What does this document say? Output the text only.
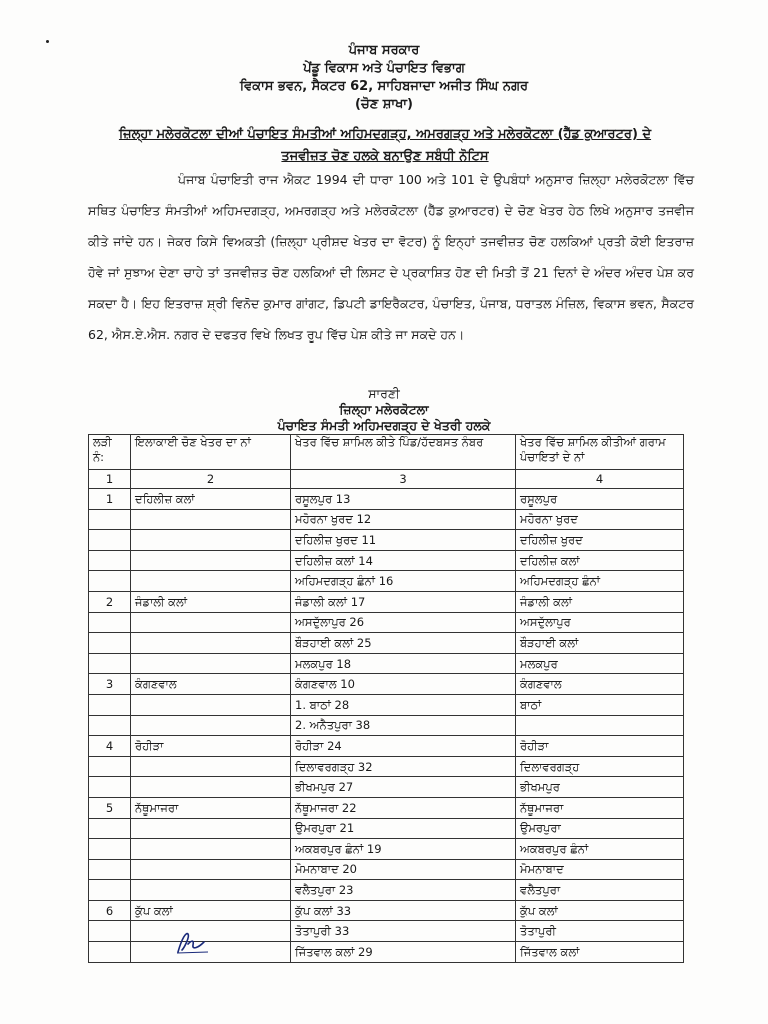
ਪੰਜਾਬ ਸਰਕਾਰ
ਪੇਂਡੂ ਵਿਕਾਸ ਅਤੇ ਪੰਚਾਇਤ ਵਿਭਾਗ
ਵਿਕਾਸ ਭਵਨ, ਸੈਕਟਰ 62, ਸਾਹਿਬਜਾਦਾ ਅਜੀਤ ਸਿੰਘ ਨਗਰ
(ਚੋਣ ਸ਼ਾਖਾ)
ਜ਼ਿਲ੍ਹਾ ਮਲੇਰਕੋਟਲਾ ਦੀਆਂ ਪੰਚਾਇਤ ਸੰਮਤੀਆਂ ਅਹਿਮਦਗੜ੍ਹ, ਅਮਰਗੜ੍ਹ ਅਤੇ ਮਲੇਰਕੋਟਲਾ (ਹੈੱਡ ਕੁਆਰਟਰ) ਦੇ ਤਜਵੀਜ਼ਤ ਚੋਣ ਹਲਕੇ ਬਨਾਉਣ ਸਬੰਧੀ ਨੋਟਿਸ
ਪੰਜਾਬ ਪੰਚਾਇਤੀ ਰਾਜ ਐਕਟ 1994 ਦੀ ਧਾਰਾ 100 ਅਤੇ 101 ਦੇ ਉਪਬੰਧਾਂ ਅਨੁਸਾਰ ਜ਼ਿਲ੍ਹਾ ਮਲੇਰਕੋਟਲਾ ਵਿੱਚ ਸਥਿਤ ਪੰਚਾਇਤ ਸੰਮਤੀਆਂ ਅਹਿਮਦਗੜ੍ਹ, ਅਮਰਗੜ੍ਹ ਅਤੇ ਮਲੇਰਕੋਟਲਾ (ਹੈੱਡ ਕੁਆਰਟਰ) ਦੇ ਚੋਣ ਖੇਤਰ ਹੇਠ ਲਿਖੇ ਅਨੁਸਾਰ ਤਜਵੀਜ ਕੀਤੇ ਜਾਂਦੇ ਹਨ। ਜੇਕਰ ਕਿਸੇ ਵਿਅਕਤੀ (ਜ਼ਿਲ੍ਹਾ ਪ੍ਰੀਸ਼ਦ ਖੇਤਰ ਦਾ ਵੋਟਰ) ਨੂੰ ਇਨ੍ਹਾਂ ਤਜਵੀਜ਼ਤ ਚੋਣ ਹਲਕਿਆਂ ਪ੍ਰਤੀ ਕੋਈ ਇਤਰਾਜ਼ ਹੋਵੇ ਜਾਂ ਸੁਝਾਅ ਦੇਣਾ ਚਾਹੇ ਤਾਂ ਤਜਵੀਜ਼ਤ ਚੋਣ ਹਲਕਿਆਂ ਦੀ ਲਿਸਟ ਦੇ ਪ੍ਰਕਾਸ਼ਿਤ ਹੋਣ ਦੀ ਮਿਤੀ ਤੋਂ 21 ਦਿਨਾਂ ਦੇ ਅੰਦਰ ਅੰਦਰ ਪੇਸ਼ ਕਰ ਸਕਦਾ ਹੈ। ਇਹ ਇਤਰਾਜ਼ ਸ਼੍ਰੀ ਵਿਨੋਦ ਕੁਮਾਰ ਗਾਂਗਟ, ਡਿਪਟੀ ਡਾਇਰੈਕਟਰ, ਪੰਚਾਇਤ, ਪੰਜਾਬ, ਧਰਾਤਲ ਮੰਜ਼ਿਲ, ਵਿਕਾਸ ਭਵਨ, ਸੈਕਟਰ 62, ਐਸ.ਏ.ਐਸ. ਨਗਰ ਦੇ ਦਫਤਰ ਵਿਖੇ ਲਿਖਤ ਰੂਪ ਵਿੱਚ ਪੇਸ਼ ਕੀਤੇ ਜਾ ਸਕਦੇ ਹਨ।
ਸਾਰਣੀ
ਜ਼ਿਲ੍ਹਾ ਮਲੇਰਕੋਟਲਾ
ਪੰਚਾਇਤ ਸੰਮਤੀ ਅਹਿਮਦਗੜ੍ਹ ਦੇ ਖੇਤਰੀ ਹਲਕੇ
ਲੜੀ ਨੰ:	ਇਲਾਕਾਈ ਚੋਣ ਖੇਤਰ ਦਾ ਨਾਂ	ਖੇਤਰ ਵਿੱਚ ਸ਼ਾਮਿਲ ਕੀਤੇ ਪਿੰਡ/ਹੱਦਬਸਤ ਨੰਬਰ	ਖੇਤਰ ਵਿੱਚ ਸ਼ਾਮਿਲ ਕੀਤੀਆਂ ਗਰਾਮ ਪੰਚਾਇਤਾਂ ਦੇ ਨਾਂ
1	2	3	4
1	ਦਹਿਲੀਜ਼ ਕਲਾਂ	ਰਸੂਲਪੁਰ 13	ਰਸੂਲਪੁਰ
		ਮਹੋਰਨਾ ਖੁਰਦ 12	ਮਹੋਰਨਾ ਖੁਰਦ
		ਦਹਿਲੀਜ਼ ਖੁਰਦ 11	ਦਹਿਲੀਜ਼ ਖੁਰਦ
		ਦਹਿਲੀਜ਼ ਕਲਾਂ 14	ਦਹਿਲੀਜ਼ ਕਲਾਂ
		ਅਹਿਮਦਗੜ੍ਹ ਛੰਨਾਂ 16	ਅਹਿਮਦਗੜ੍ਹ ਛੰਨਾਂ
2	ਜੰਡਾਲੀ ਕਲਾਂ	ਜੰਡਾਲੀ ਕਲਾਂ 17	ਜੰਡਾਲੀ ਕਲਾਂ
		ਅਸਦੁੱਲਾਪੁਰ 26	ਅਸਦੁੱਲਾਪੁਰ
		ਬੌੜਹਾਈ ਕਲਾਂ 25	ਬੌੜਹਾਈ ਕਲਾਂ
		ਮਲਕਪੁਰ 18	ਮਲਕਪੁਰ
3	ਕੰਗਣਵਾਲ	ਕੰਗਣਵਾਲ 10	ਕੰਗਣਵਾਲ
		1. ਬਾਠਾਂ 28	ਬਾਠਾਂ
		2. ਅਨੈਤਪੁਰਾ 38	
4	ਰੋਹੀੜਾ	ਰੋਹੀੜਾ 24	ਰੋਹੀੜਾ
		ਦਿਲਾਵਰਗੜ੍ਹ 32	ਦਿਲਾਵਰਗੜ੍ਹ
		ਭੀਖਮਪੁਰ 27	ਭੀਖਮਪੁਰ
5	ਨੱਥੂਮਾਜਰਾ	ਨੱਥੂਮਾਜਰਾ 22	ਨੱਥੂਮਾਜਰਾ
		ਉਮਰਪੁਰਾ 21	ਉਮਰਪੁਰਾ
		ਅਕਬਰਪੁਰ ਛੰਨਾਂ 19	ਅਕਬਰਪੁਰ ਛੰਨਾਂ
		ਮੋਮਨਾਬਾਦ 20	ਮੋਮਨਾਬਾਦ
		ਵਲੈਤਪੁਰਾ 23	ਵਲੈਤਪੁਰਾ
6	ਕੁੱਪ ਕਲਾਂ	ਕੁੱਪ ਕਲਾਂ 33	ਕੁੱਪ ਕਲਾਂ
		ਤੋਤਾਪੁਰੀ 33	ਤੋਤਾਪੁਰੀ
		ਜਿੱਤਵਾਲ ਕਲਾਂ 29	ਜਿੱਤਵਾਲ ਕਲਾਂ
